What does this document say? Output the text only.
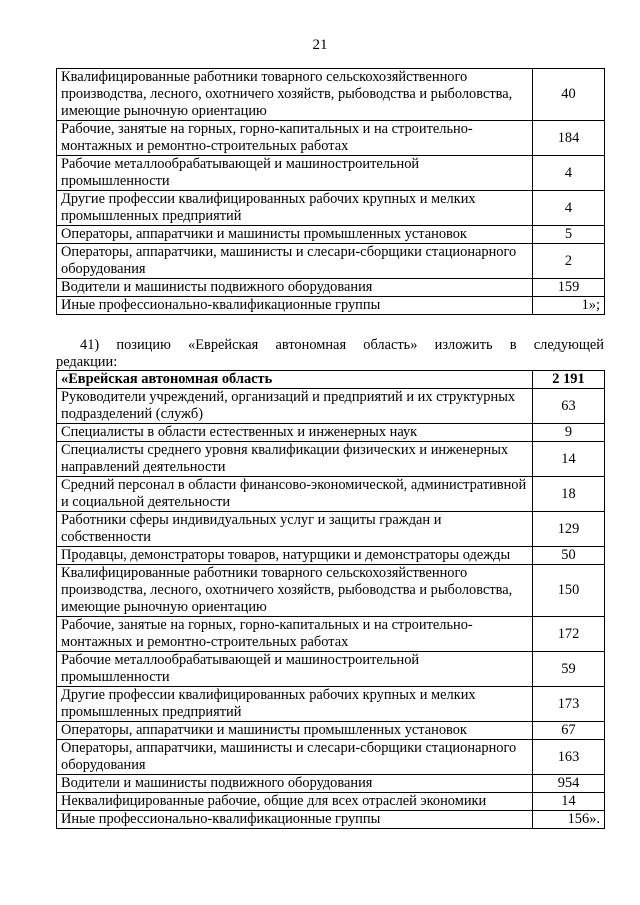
21
Квалифицированные работники товарного сельскохозяйственного производства, лесного, охотничего хозяйств, рыбоводства и рыболовства, имеющие рыночную ориентацию	40
Рабочие, занятые на горных, горно-капитальных и на строительно-монтажных и ремонтно-строительных работах	184
Рабочие металлообрабатывающей и машиностроительной промышленности	4
Другие профессии квалифицированных рабочих крупных и мелких промышленных предприятий	4
Операторы, аппаратчики и машинисты промышленных установок	5
Операторы, аппаратчики, машинисты и слесари-сборщики стационарного оборудования	2
Водители и машинисты подвижного оборудования	159
Иные профессионально-квалификационные группы	1»;
41) позицию «Еврейская автономная область» изложить в следующей
редакции:
«Еврейская автономная область	2 191
Руководители учреждений, организаций и предприятий и их структурных подразделений (служб)	63
Специалисты в области естественных и инженерных наук	9
Специалисты среднего уровня квалификации физических и инженерных направлений деятельности	14
Средний персонал в области финансово-экономической, административной и социальной деятельности	18
Работники сферы индивидуальных услуг и защиты граждан и собственности	129
Продавцы, демонстраторы товаров, натурщики и демонстраторы одежды	50
Квалифицированные работники товарного сельскохозяйственного производства, лесного, охотничего хозяйств, рыбоводства и рыболовства, имеющие рыночную ориентацию	150
Рабочие, занятые на горных, горно-капитальных и на строительно-монтажных и ремонтно-строительных работах	172
Рабочие металлообрабатывающей и машиностроительной промышленности	59
Другие профессии квалифицированных рабочих крупных и мелких промышленных предприятий	173
Операторы, аппаратчики и машинисты промышленных установок	67
Операторы, аппаратчики, машинисты и слесари-сборщики стационарного оборудования	163
Водители и машинисты подвижного оборудования	954
Неквалифицированные рабочие, общие для всех отраслей экономики	14
Иные профессионально-квалификационные группы	156».
